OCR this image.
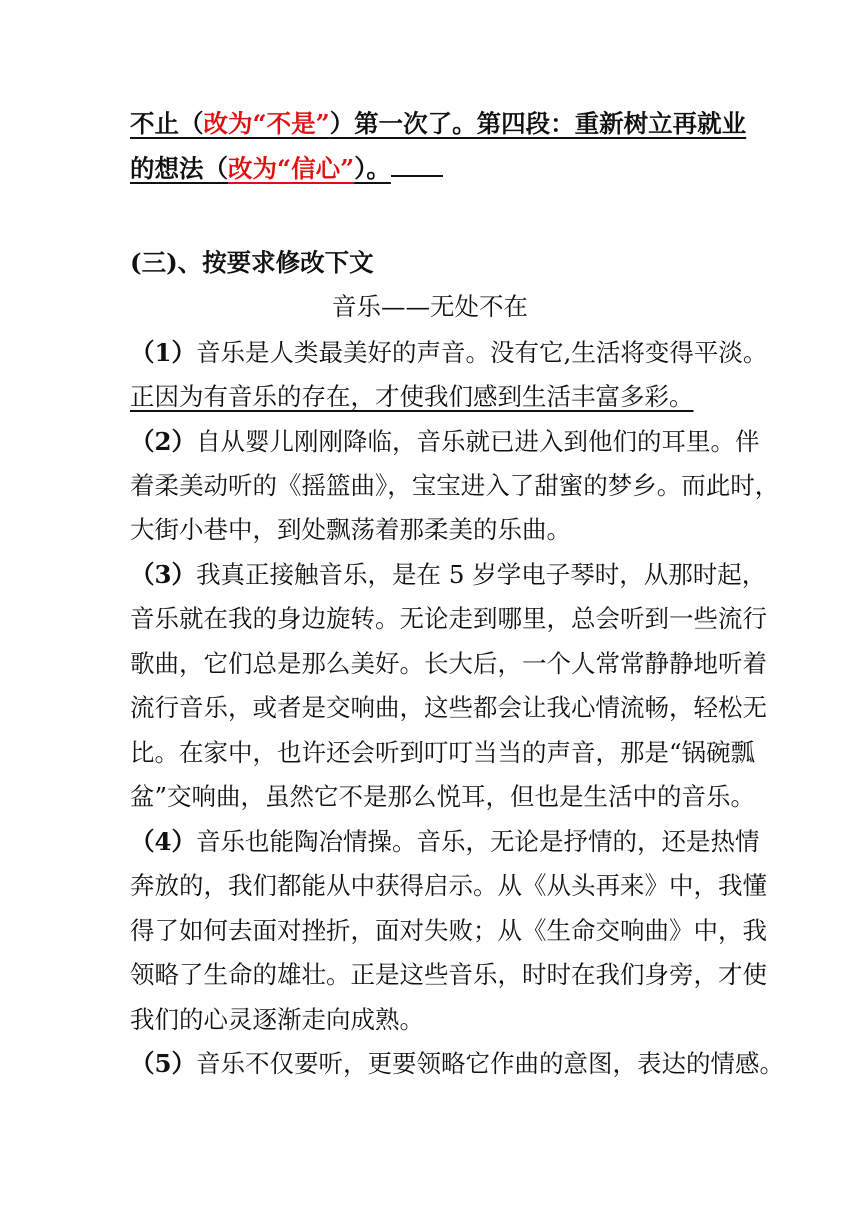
不止（改为“不是”）第一次了。第四段：重新树立再就业
的想法（改为“信心”）。
(三)、按要求修改下文
音乐——无处不在
（1）音乐是人类最美好的声音。没有它,生活将变得平淡。
正因为有音乐的存在，才使我们感到生活丰富多彩。
（2）自从婴儿刚刚降临，音乐就已进入到他们的耳里。伴
着柔美动听的《摇篮曲》，宝宝进入了甜蜜的梦乡。而此时，
大街小巷中，到处飘荡着那柔美的乐曲。
（3）我真正接触音乐，是在 5 岁学电子琴时，从那时起，
音乐就在我的身边旋转。无论走到哪里，总会听到一些流行
歌曲，它们总是那么美好。长大后，一个人常常静静地听着
流行音乐，或者是交响曲，这些都会让我心情流畅，轻松无
比。在家中，也许还会听到叮叮当当的声音，那是“锅碗瓢
盆”交响曲，虽然它不是那么悦耳，但也是生活中的音乐。
（4）音乐也能陶冶情操。音乐，无论是抒情的，还是热情
奔放的，我们都能从中获得启示。从《从头再来》中，我懂
得了如何去面对挫折，面对失败；从《生命交响曲》中，我
领略了生命的雄壮。正是这些音乐，时时在我们身旁，才使
我们的心灵逐渐走向成熟。
（5）音乐不仅要听，更要领略它作曲的意图，表达的情感。
